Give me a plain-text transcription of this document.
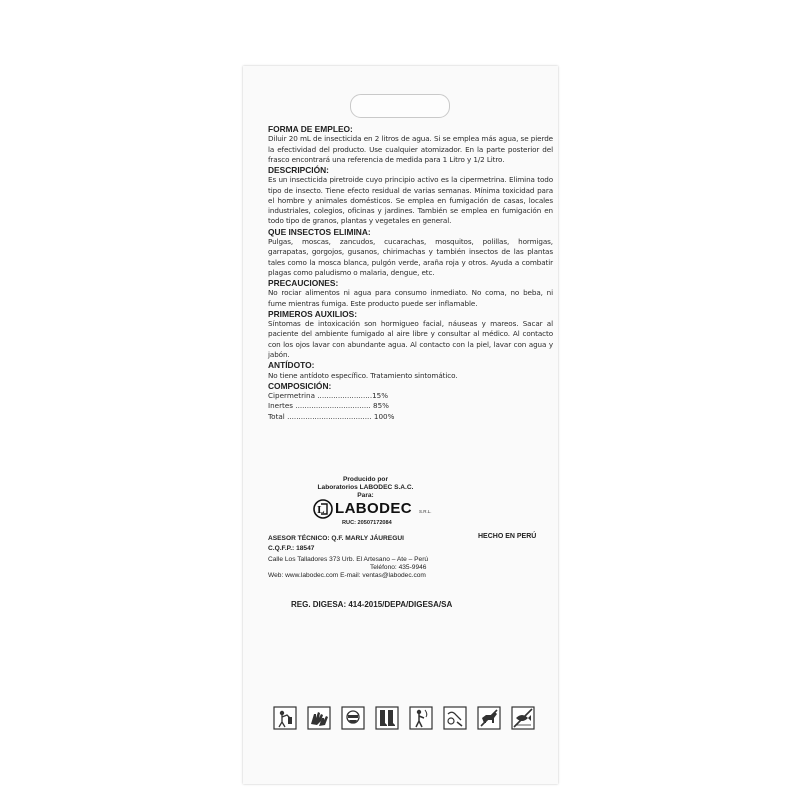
FORMA DE EMPLEO:
Diluir 20 mL de insecticida en 2 litros de agua. Si se emplea más agua, se pierde la efectividad del producto. Use cualquier atomizador. En la parte posterior del frasco encontrará una referencia de medida para 1 Litro y 1/2 Litro.
DESCRIPCIÓN:
Es un insecticida piretroide cuyo principio activo es la cipermetrina. Elimina todo tipo de insecto. Tiene efecto residual de varias semanas. Mínima toxicidad para el hombre y animales domésticos. Se emplea en fumigación de casas, locales industriales, colegios, oficinas y jardines. También se emplea en fumigación en todo tipo de granos, plantas y vegetales en general.
QUE INSECTOS ELIMINA:
Pulgas, moscas, zancudos, cucarachas, mosquitos, polillas, hormigas, garrapatas, gorgojos, gusanos, chirimachas y también insectos de las plantas tales como la mosca blanca, pulgón verde, araña roja y otros. Ayuda a combatir plagas como paludismo o malaria, dengue, etc.
PRECAUCIONES:
No rociar alimentos ni agua para consumo inmediato. No coma, no beba, ni fume mientras fumiga. Este producto puede ser inflamable.
PRIMEROS AUXILIOS:
Síntomas de intoxicación son hormigueo facial, náuseas y mareos. Sacar al paciente del ambiente fumigado al aire libre y consultar al médico. Al contacto con los ojos lavar con abundante agua. Al contacto con la piel, lavar con agua y jabón.
ANTÍDOTO:
No tiene antídoto específico. Tratamiento sintomático.
COMPOSICIÓN:
Cipermetrina ........................15%
Inertes ................................. 85%
Total ..................................... 100%
Producido por
Laboratorios LABODEC S.A.C.
Para:
L LABODEC S.R.L.
RUC: 20507172084
ASESOR TÉCNICO: Q.F. MARLY JÁUREGUI
C.Q.F.P.: 18547
HECHO EN PERÚ
Calle Los Talladores 373 Urb. El Artesano – Ate – Perú
Teléfono: 435-9946
Web: www.labodec.com E-mail: ventas@labodec.com
REG. DIGESA: 414-2015/DEPA/DIGESA/SA
